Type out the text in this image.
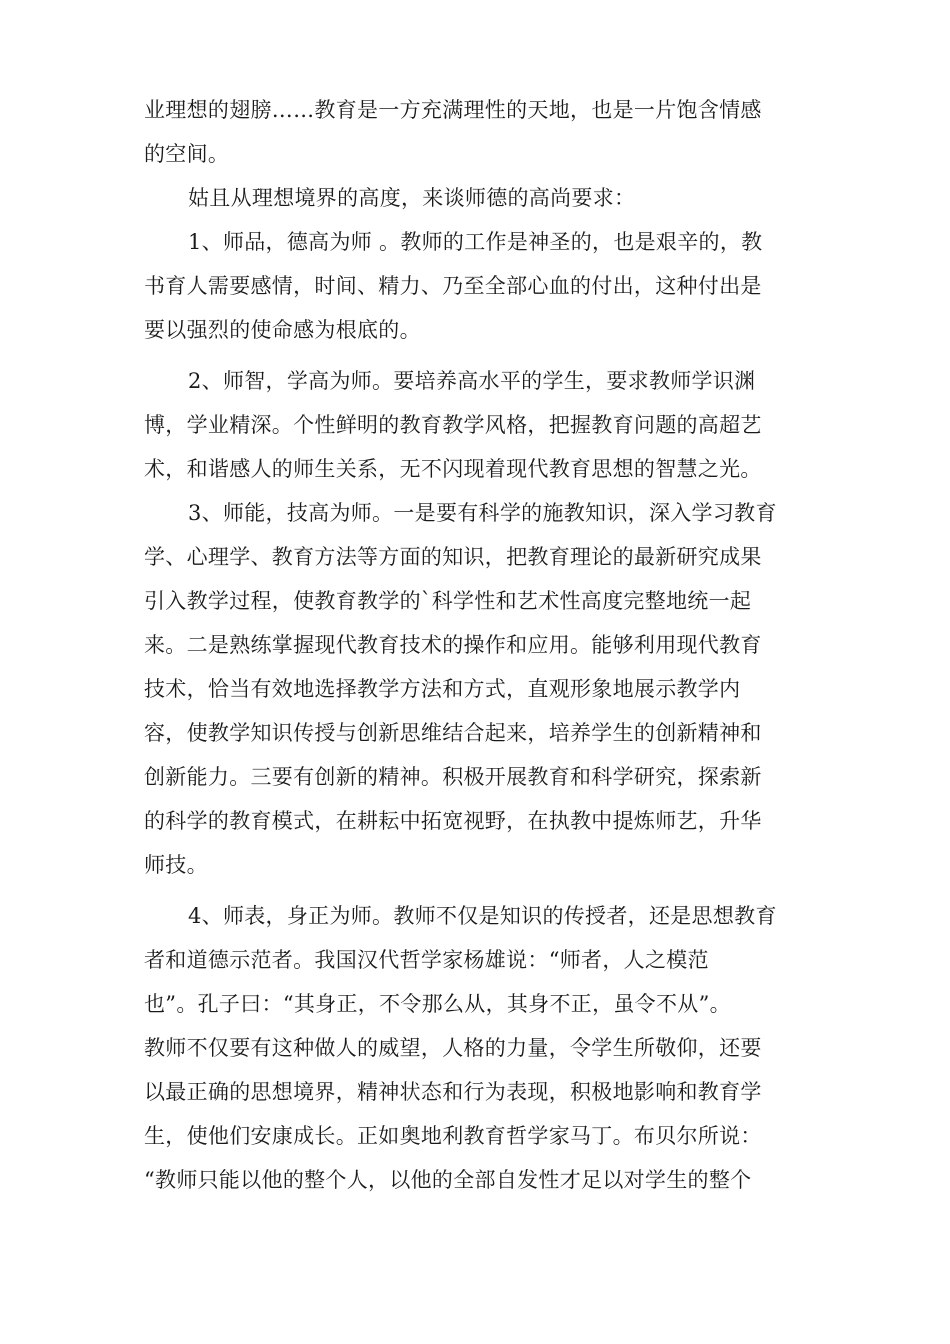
业理想的翅膀……教育是一方充满理性的天地，也是一片饱含情感
的空间。
姑且从理想境界的高度，来谈师德的高尚要求：
1、师品，德高为师 。教师的工作是神圣的，也是艰辛的，教
书育人需要感情，时间、精力、乃至全部心血的付出，这种付出是
要以强烈的使命感为根底的。
2、师智，学高为师。要培养高水平的学生，要求教师学识渊
博，学业精深。个性鲜明的教育教学风格，把握教育问题的高超艺
术，和谐感人的师生关系，无不闪现着现代教育思想的智慧之光。
3、师能，技高为师。一是要有科学的施教知识，深入学习教育
学、心理学、教育方法等方面的知识，把教育理论的最新研究成果
引入教学过程，使教育教学的`科学性和艺术性高度完整地统一起
来。二是熟练掌握现代教育技术的操作和应用。能够利用现代教育
技术，恰当有效地选择教学方法和方式，直观形象地展示教学内
容，使教学知识传授与创新思维结合起来，培养学生的创新精神和
创新能力。三要有创新的精神。积极开展教育和科学研究，探索新
的科学的教育模式，在耕耘中拓宽视野，在执教中提炼师艺，升华
师技。
4、师表，身正为师。教师不仅是知识的传授者，还是思想教育
者和道德示范者。我国汉代哲学家杨雄说：“师者，人之模范
也”。孔子曰：“其身正，不令那么从，其身不正，虽令不从”。
教师不仅要有这种做人的威望，人格的力量，令学生所敬仰，还要
以最正确的思想境界，精神状态和行为表现，积极地影响和教育学
生，使他们安康成长。正如奥地利教育哲学家马丁。布贝尔所说：
“教师只能以他的整个人，以他的全部自发性才足以对学生的整个
